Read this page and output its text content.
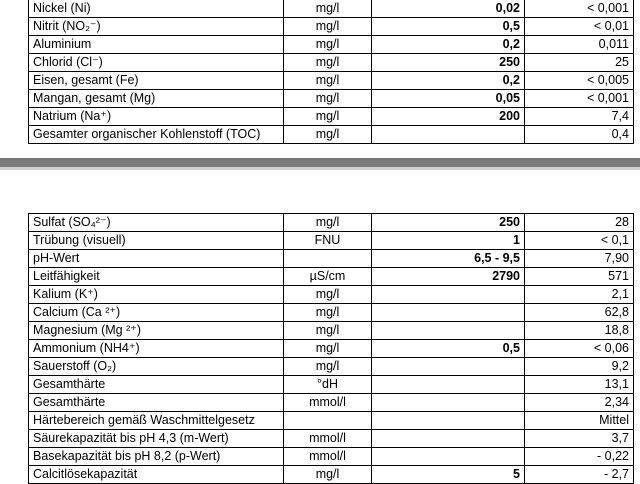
Nickel (Ni)	mg/l	0,02	< 0,001
Nitrit (NO₂⁻)	mg/l	0,5	< 0,01
Aluminium	mg/l	0,2	0,011
Chlorid (Cl⁻)	mg/l	250	25
Eisen, gesamt (Fe)	mg/l	0,2	< 0,005
Mangan, gesamt (Mg)	mg/l	0,05	< 0,001
Natrium (Na⁺)	mg/l	200	7,4
Gesamter organischer Kohlenstoff (TOC)	mg/l		0,4
Sulfat (SO₄²⁻)	mg/l	250	28
Trübung (visuell)	FNU	1	< 0,1
pH-Wert		6,5 - 9,5	7,90
Leitfähigkeit	µS/cm	2790	571
Kalium (K⁺)	mg/l		2,1
Calcium (Ca ²⁺)	mg/l		62,8
Magnesium (Mg ²⁺)	mg/l		18,8
Ammonium (NH4⁺)	mg/l	0,5	< 0,06
Sauerstoff (O₂)	mg/l		9,2
Gesamthärte	°dH		13,1
Gesamthärte	mmol/l		2,34
Härtebereich gemäß Waschmittelgesetz			Mittel
Säurekapazität bis pH 4,3 (m-Wert)	mmol/l		3,7
Basekapazität bis pH 8,2 (p-Wert)	mmol/l		- 0,22
Calcitlösekapazität	mg/l	5	- 2,7
